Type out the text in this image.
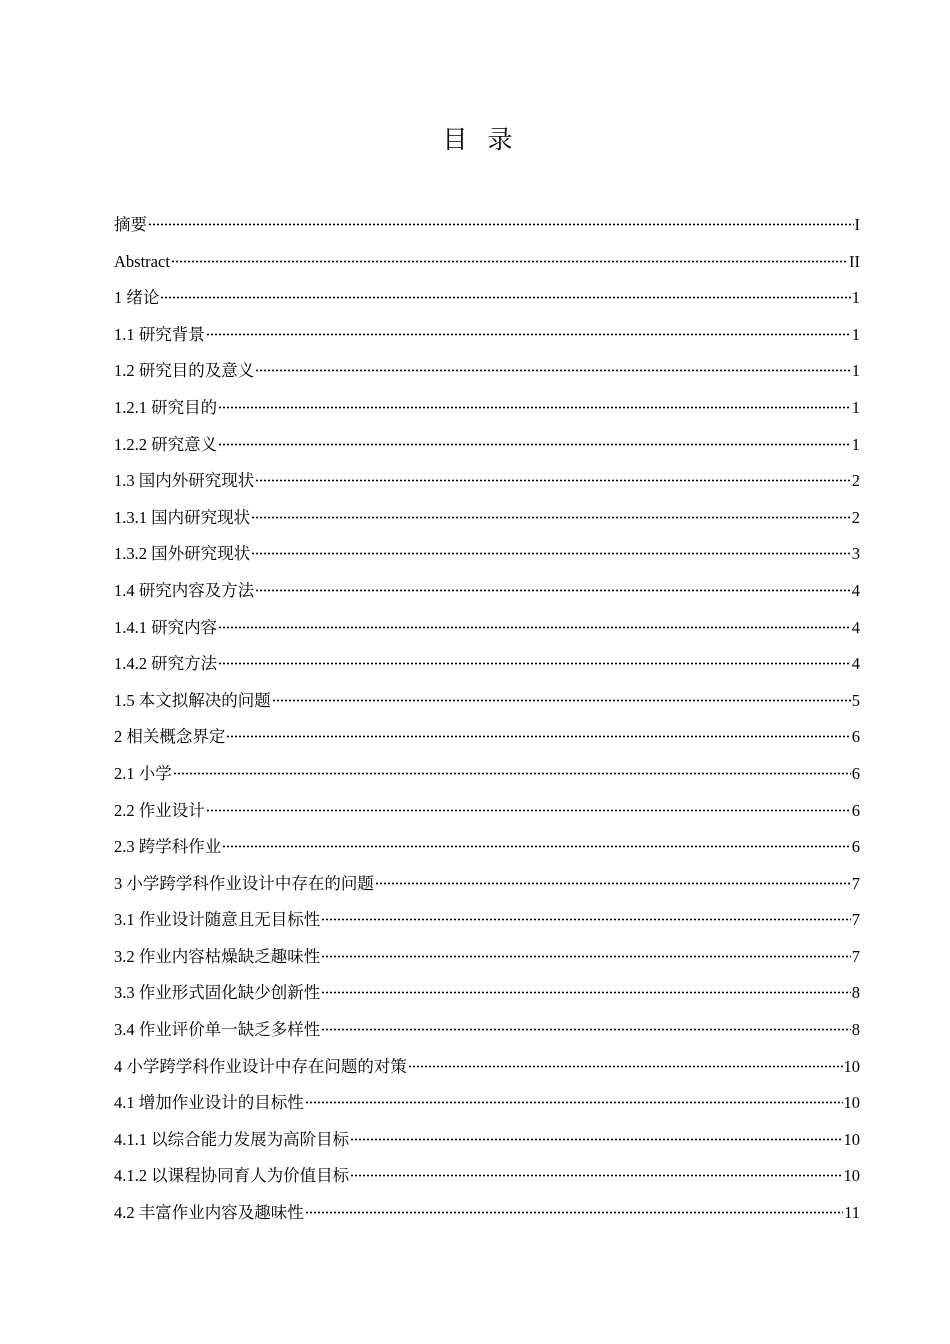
目录
摘要	I
Abstract	II
1 绪论	1
1.1 研究背景	1
1.2 研究目的及意义	1
1.2.1 研究目的	1
1.2.2 研究意义	1
1.3 国内外研究现状	2
1.3.1 国内研究现状	2
1.3.2 国外研究现状	3
1.4 研究内容及方法	4
1.4.1 研究内容	4
1.4.2 研究方法	4
1.5 本文拟解决的问题	5
2 相关概念界定	6
2.1 小学	6
2.2 作业设计	6
2.3 跨学科作业	6
3 小学跨学科作业设计中存在的问题	7
3.1 作业设计随意且无目标性	7
3.2 作业内容枯燥缺乏趣味性	7
3.3 作业形式固化缺少创新性	8
3.4 作业评价单一缺乏多样性	8
4 小学跨学科作业设计中存在问题的对策	10
4.1 增加作业设计的目标性	10
4.1.1 以综合能力发展为高阶目标	10
4.1.2 以课程协同育人为价值目标	10
4.2 丰富作业内容及趣味性	11
